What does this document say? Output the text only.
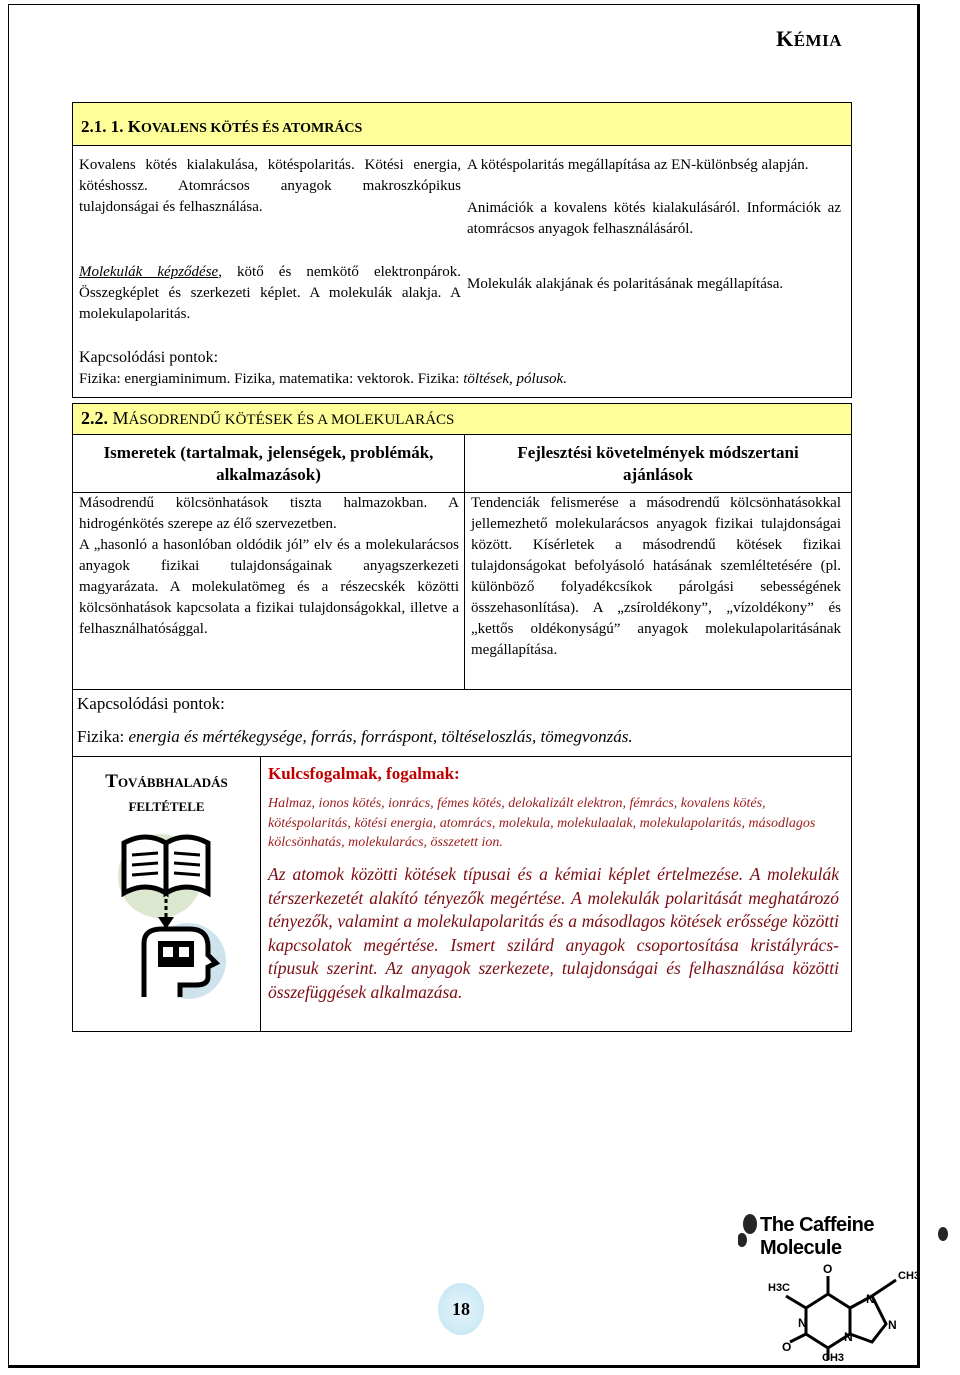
KÉMIA
2.1. 1. KOVALENS KÖTÉS ÉS ATOMRÁCS
Kovalens kötés kialakulása, kötéspolaritás. Kötési energia, kötéshossz. Atomrácsos anyagok makroszkópikus tulajdonságai és felhasználása.
Molekulák képződése, kötő és nemkötő elektronpárok. Összegképlet és szerkezeti képlet. A molekulák alakja. A molekulapolaritás.
A kötéspolaritás megállapítása az EN-különbség alapján.
Animációk a kovalens kötés kialakulásáról. Információk az atomrácsos anyagok felhasználásáról.
Molekulák alakjának és polaritásának megállapítása.
Kapcsolódási pontok:
Fizika: energiaminimum. Fizika, matematika: vektorok. Fizika: töltések, pólusok.
2.2. MÁSODRENDŰ KÖTÉSEK ÉS A MOLEKULARÁCS
Ismeretek (tartalmak, jelenségek, problémák, alkalmazások)
Fejlesztési követelmények módszertani ajánlások
Másodrendű kölcsönhatások tiszta halmazokban. A hidrogénkötés szerepe az élő szervezetben.
A „hasonló a hasonlóban oldódik jól” elv és a molekularácsos anyagok fizikai tulajdonságainak anyagszerkezeti magyarázata. A molekulatömeg és a részecskék közötti kölcsönhatások kapcsolata a fizikai tulajdonságokkal, illetve a felhasználhatósággal.
Tendenciák felismerése a másodrendű kölcsönhatásokkal jellemezhető molekularácsos anyagok fizikai tulajdonságai között. Kísérletek a másodrendű kötések fizikai tulajdonságokat befolyásoló hatásának szemléltetésére (pl. különböző folyadékcsíkok párolgási sebességének összehasonlítása). A „zsíroldékony”, „vízoldékony” és „kettős oldékonyságú” anyagok molekulapolaritásának megállapítása.
Kapcsolódási pontok:
Fizika: energia és mértékegysége, forrás, forráspont, töltéseloszlás, tömegvonzás.
TOVÁBBHALADÁS
FELTÉTELE
Kulcsfogalmak, fogalmak:
Halmaz, ionos kötés, ionrács, fémes kötés, delokalizált elektron, fémrács, kovalens kötés, kötéspolaritás, kötési energia, atomrács, molekula, molekulaalak, molekulapolaritás, másodlagos kölcsönhatás, molekularács, összetett ion.
Az atomok közötti kötések típusai és a kémiai képlet értelmezése. A molekulák térszerkezetét alakító tényezők megértése. A molekulák polaritását meghatározó tényezők, valamint a molekulapolaritás és a másodlagos kötések erőssége közötti kapcsolatok megértése. Ismert szilárd anyagok csoportosítása kristályrács-típusuk szerint. Az anyagok szerkezete, tulajdonságai és felhasználása közötti összefüggések alkalmazása.
18
The Caffeine Molecule
H3C
O
N
CH3
N
O
N
N
CH3
